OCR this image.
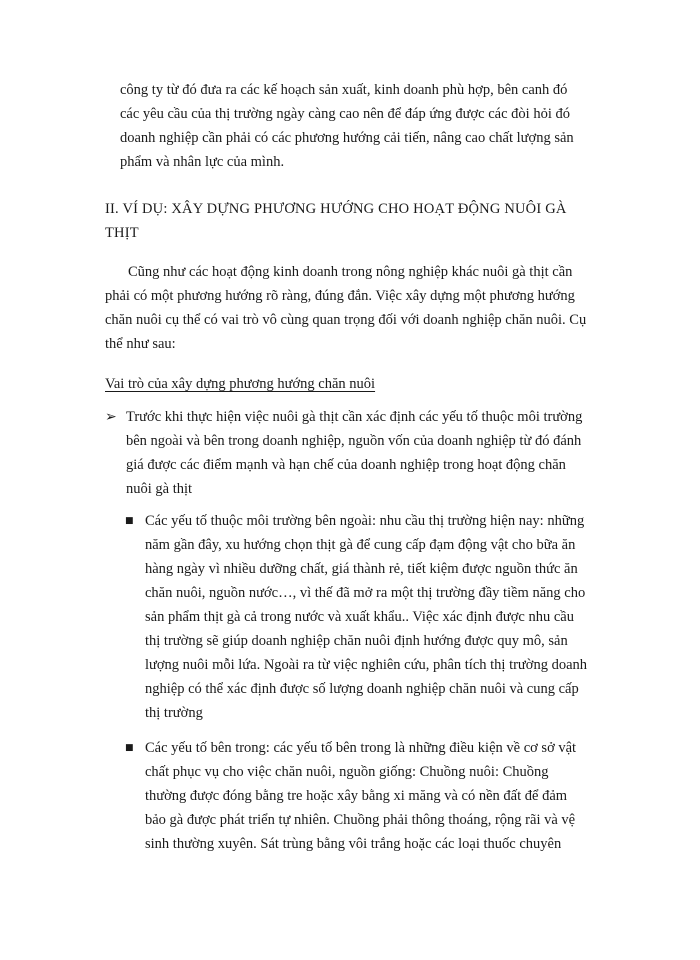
công ty từ đó đưa ra các kế hoạch sản xuất, kinh doanh phù hợp, bên canh đó
các yêu cầu của thị trường ngày càng cao nên để đáp ứng được các đòi hỏi đó
doanh nghiệp cần phải có các phương hướng cải tiến, nâng cao chất lượng sản
phẩm và nhân lực của mình.

II. VÍ DỤ: XÂY DỰNG PHƯƠNG HƯỚNG CHO HOẠT ĐỘNG NUÔI GÀ
THỊT

Cũng như các hoạt động kinh doanh trong nông nghiệp khác nuôi gà thịt cần
phải có một phương hướng rõ ràng, đúng đắn. Việc xây dựng một phương hướng
chăn nuôi cụ thể có vai trò vô cùng quan trọng đối với doanh nghiệp chăn nuôi. Cụ
thể như sau:

Vai trò của xây dựng phương hướng chăn nuôi
➢ Trước khi thực hiện việc nuôi gà thịt cần xác định các yếu tố thuộc môi trường
bên ngoài và bên trong doanh nghiệp, nguồn vốn của doanh nghiệp từ đó đánh
giá được các điểm mạnh và hạn chế của doanh nghiệp trong hoạt động chăn
nuôi gà thịt
■ Các yếu tố thuộc môi trường bên ngoài: nhu cầu thị trường hiện nay: những
năm gần đây, xu hướng chọn thịt gà để cung cấp đạm động vật cho bữa ăn
hàng ngày vì nhiều dưỡng chất, giá thành rẻ, tiết kiệm được nguồn thức ăn
chăn nuôi, nguồn nước…, vì thế đã mở ra một thị trường đầy tiềm năng cho
sản phẩm thịt gà cả trong nước và xuất khẩu.. Việc xác định được nhu cầu
thị trường sẽ giúp doanh nghiệp chăn nuôi định hướng được quy mô, sản
lượng nuôi mỗi lứa. Ngoài ra từ việc nghiên cứu, phân tích thị trường doanh
nghiệp có thể xác định được số lượng doanh nghiệp chăn nuôi và cung cấp
thị trường
■ Các yếu tố bên trong: các yếu tố bên trong là những điều kiện về cơ sở vật
chất phục vụ cho việc chăn nuôi, nguồn giống: Chuồng nuôi: Chuồng
thường được đóng bằng tre hoặc xây bằng xi măng và có nền đất để đảm
bảo gà được phát triển tự nhiên. Chuồng phải thông thoáng, rộng rãi và vệ
sinh thường xuyên. Sát trùng bằng vôi trắng hoặc các loại thuốc chuyên
